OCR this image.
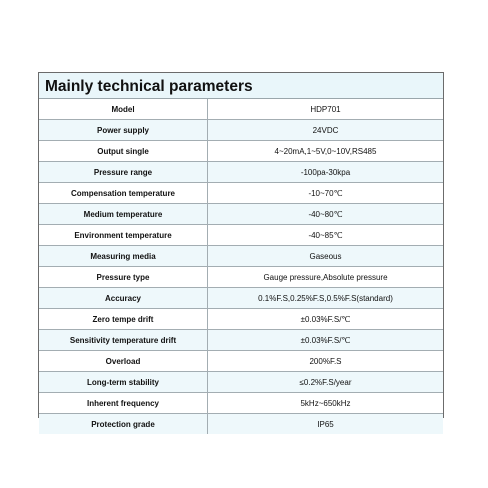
Mainly technical parameters
Model	HDP701
Power supply	24VDC
Output single	4~20mA,1~5V,0~10V,RS485
Pressure range	-100pa-30kpa
Compensation temperature	-10~70℃
Medium temperature	-40~80℃
Environment temperature	-40~85℃
Measuring media	Gaseous
Pressure type	Gauge pressure,Absolute pressure
Accuracy	0.1%F.S,0.25%F.S,0.5%F.S(standard)
Zero tempe drift	±0.03%F.S/℃
Sensitivity temperature drift	±0.03%F.S/℃
Overload	200%F.S
Long-term stability	≤0.2%F.S/year
Inherent frequency	5kHz~650kHz
Protection grade	IP65
